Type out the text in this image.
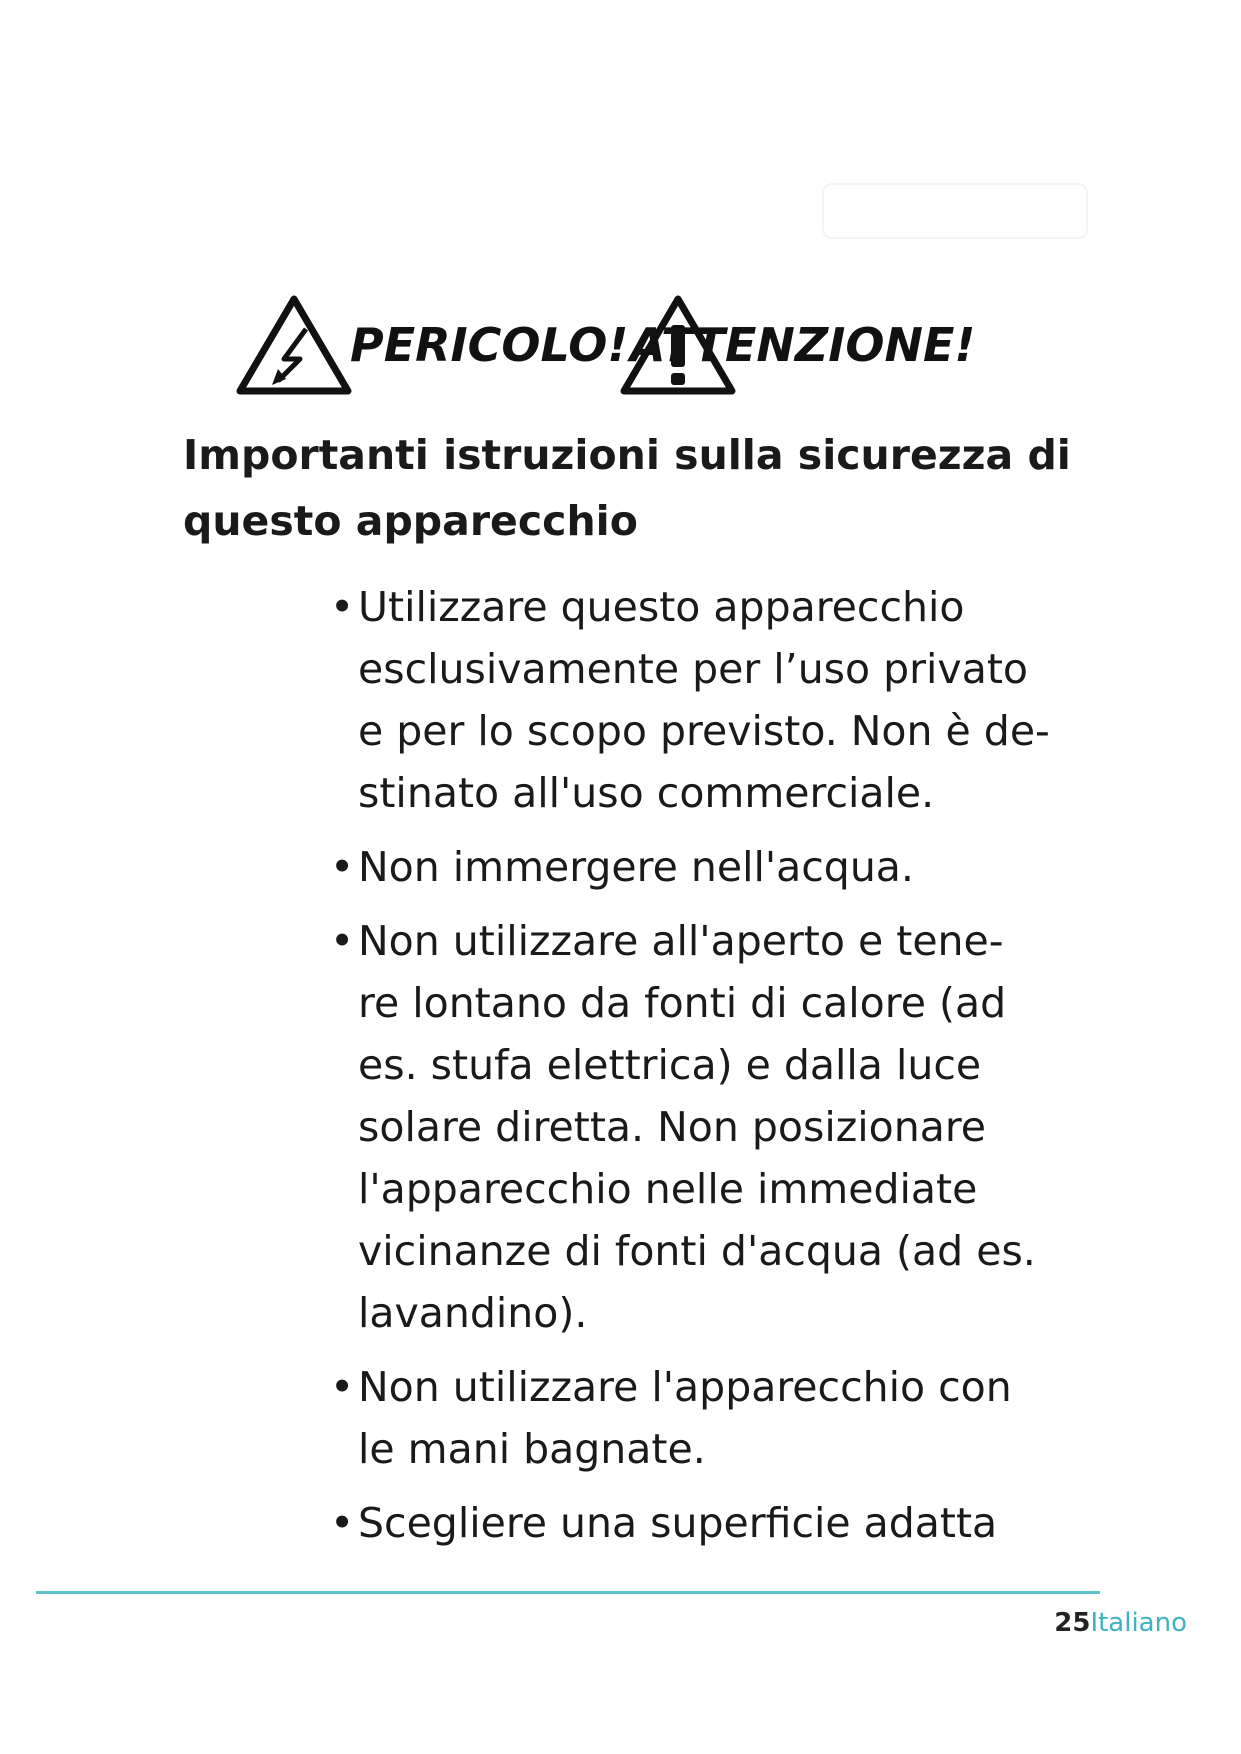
PERICOLO! ATTENZIONE!
Importanti istruzioni sulla sicurezza di
questo apparecchio
• Utilizzare questo apparecchio
esclusivamente per l’uso privato
e per lo scopo previsto. Non è de-
stinato all'uso commerciale.
• Non immergere nell'acqua.
• Non utilizzare all'aperto e tene-
re lontano da fonti di calore (ad
es. stufa elettrica) e dalla luce
solare diretta. Non posizionare
l'apparecchio nelle immediate
vicinanze di fonti d'acqua (ad es.
lavandino).
• Non utilizzare l'apparecchio con
le mani bagnate.
• Scegliere una superficie adatta
25Italiano
